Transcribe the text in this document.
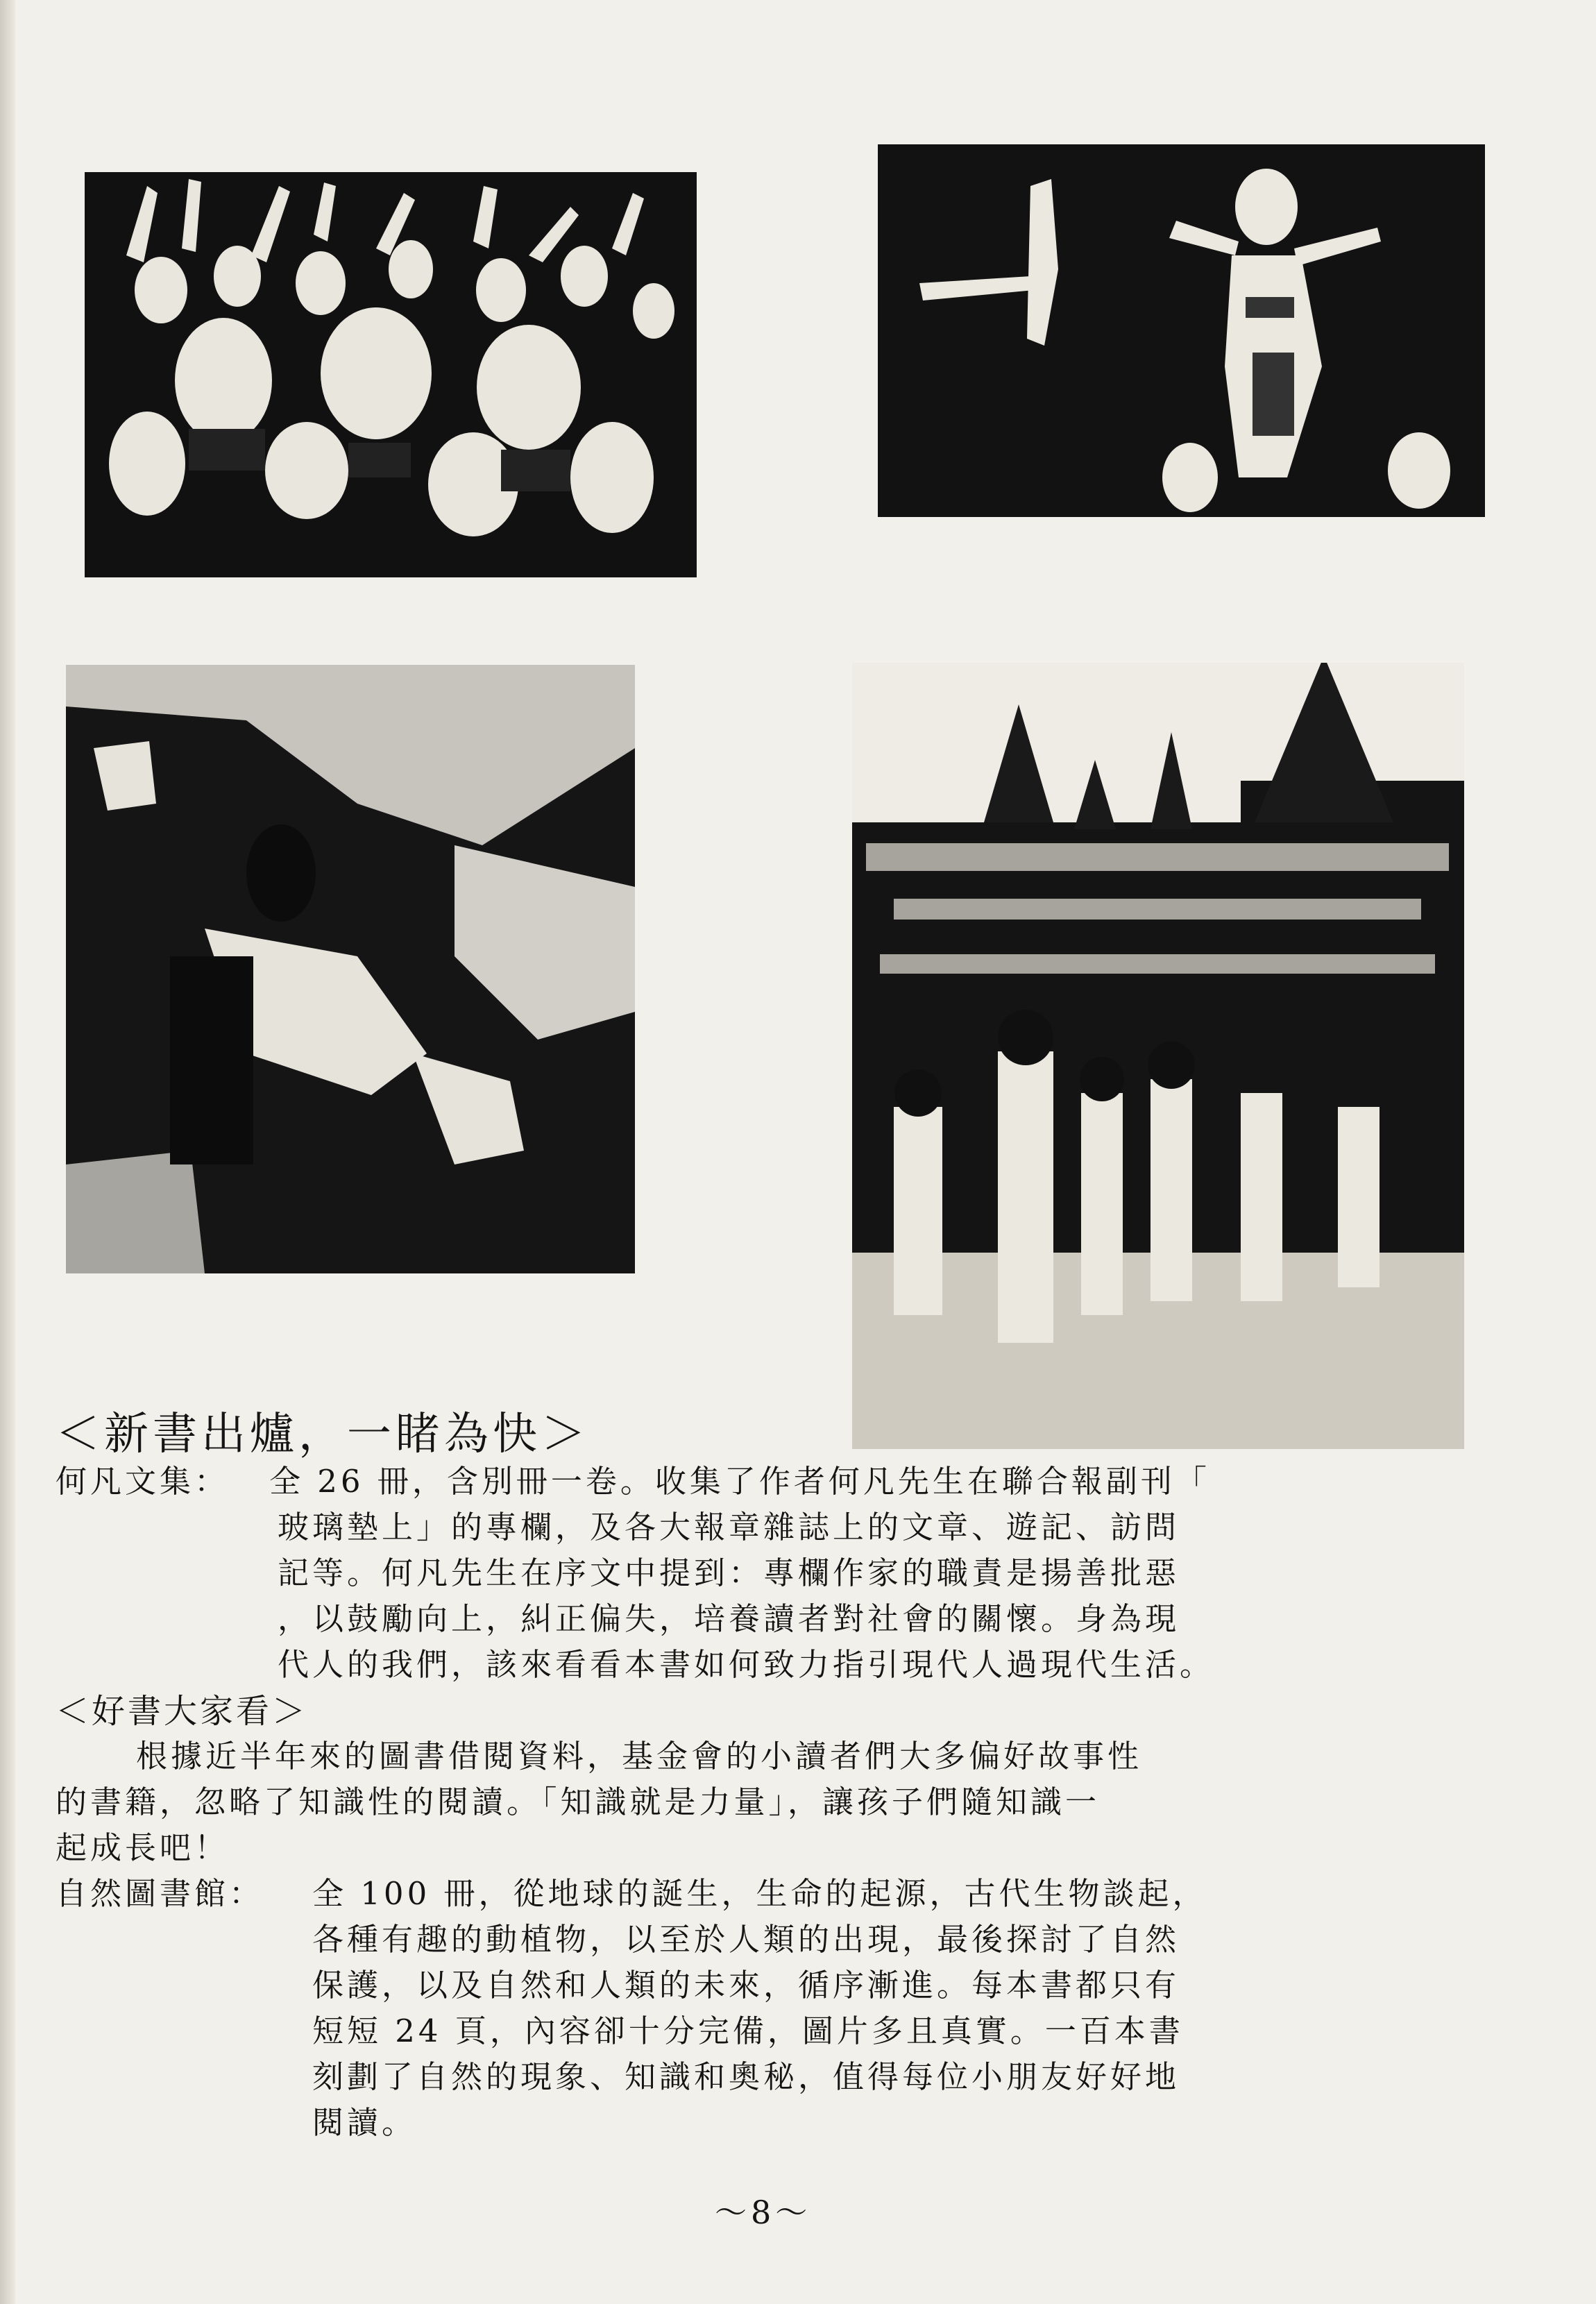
＜新書出爐，一睹為快＞
何凡文集： 全 26 冊，含別冊一卷。收集了作者何凡先生在聯合報副刊「
玻璃墊上」的專欄，及各大報章雜誌上的文章、遊記、訪問
記等。何凡先生在序文中提到：專欄作家的職責是揚善批惡
，以鼓勵向上，糾正偏失，培養讀者對社會的關懷。身為現
代人的我們，該來看看本書如何致力指引現代人過現代生活。
＜好書大家看＞
根據近半年來的圖書借閱資料，基金會的小讀者們大多偏好故事性
的書籍，忽略了知識性的閱讀。「知識就是力量」，讓孩子們隨知識一
起成長吧！
自然圖書館： 全 100 冊，從地球的誕生，生命的起源，古代生物談起，
各種有趣的動植物，以至於人類的出現，最後探討了自然
保護，以及自然和人類的未來，循序漸進。每本書都只有
短短 24 頁，內容卻十分完備，圖片多且真實。一百本書
刻劃了自然的現象、知識和奧秘，值得每位小朋友好好地
閱讀。
～8～
